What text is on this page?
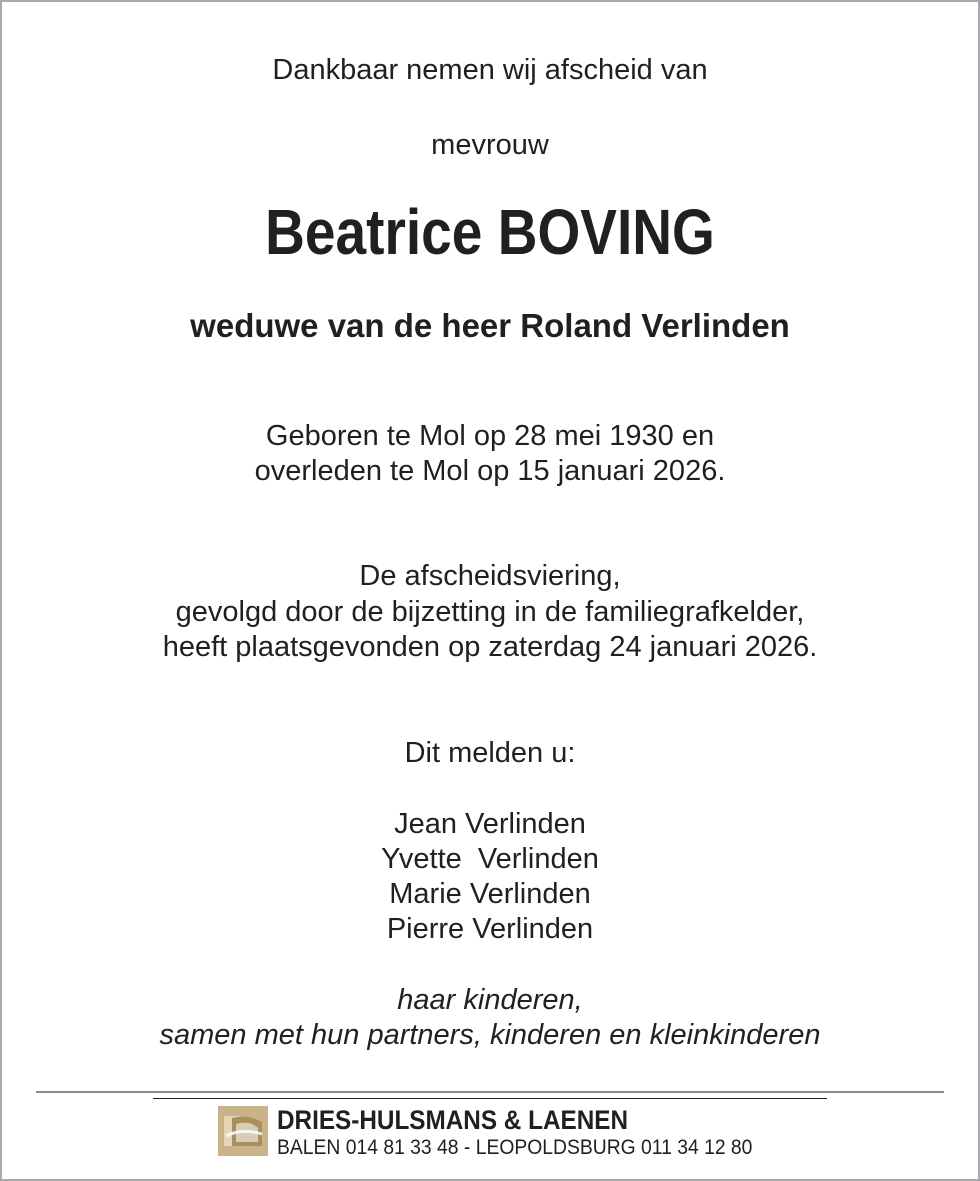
Dankbaar nemen wij afscheid van
mevrouw
Beatrice BOVING
weduwe van de heer Roland Verlinden
Geboren te Mol op 28 mei 1930 en
overleden te Mol op 15 januari 2026.
De afscheidsviering,
gevolgd door de bijzetting in de familiegrafkelder,
heeft plaatsgevonden op zaterdag 24 januari 2026.
Dit melden u:
Jean Verlinden
Yvette  Verlinden
Marie Verlinden
Pierre Verlinden
haar kinderen,
samen met hun partners, kinderen en kleinkinderen
DRIES-HULSMANS & LAENEN
BALEN 014 81 33 48 - LEOPOLDSBURG 011 34 12 80
